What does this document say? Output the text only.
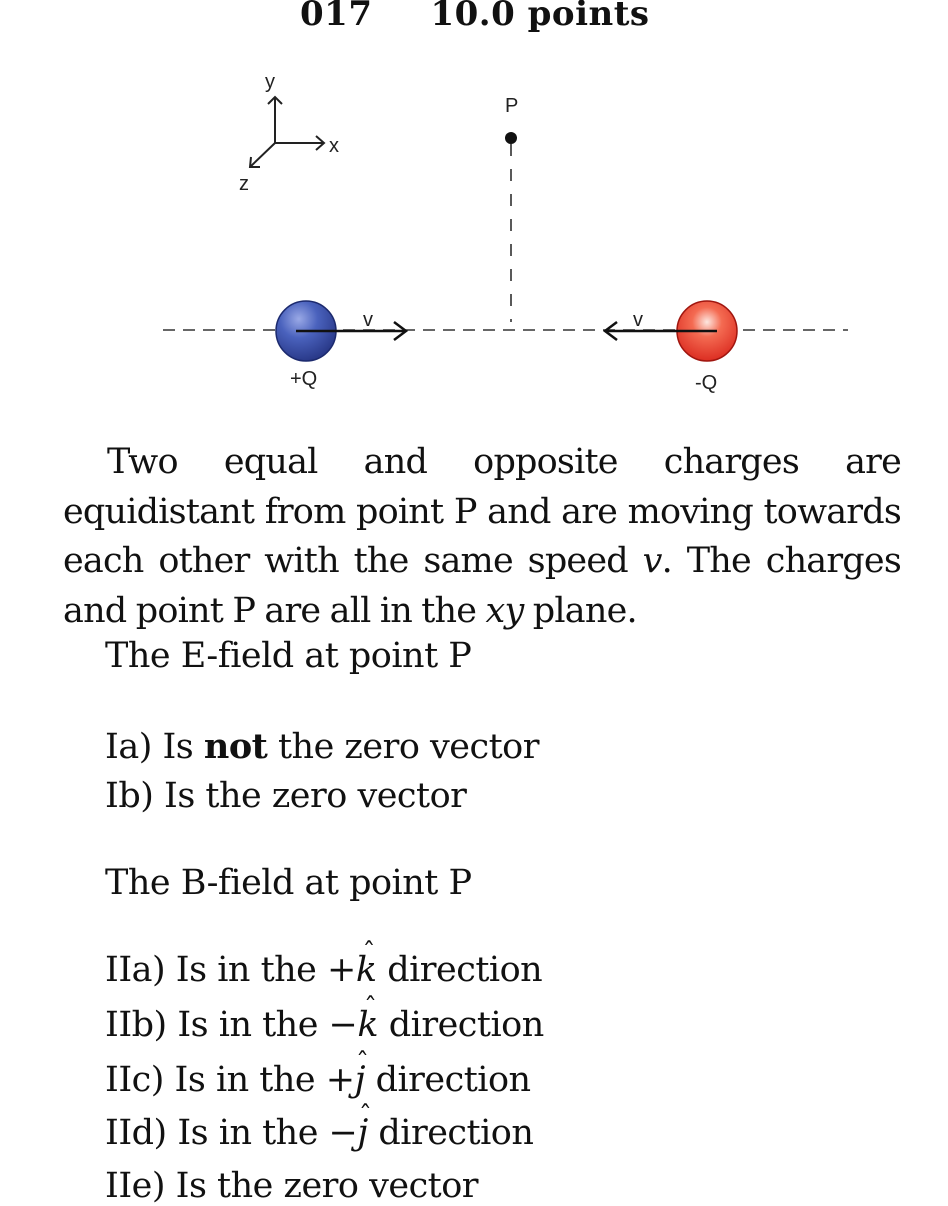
017 10.0 points
y
x
z
P
v
+Q
v
-Q
Two equal and opposite charges are equidistant from point P and are moving towards each other with the same speed v. The charges and point P are all in the xy plane.
The E-field at point P
Ia) Is not the zero vector
Ib) Is the zero vector
The B-field at point P
IIa) Is in the +ˆ k direction
IIb) Is in the −ˆ k direction
IIc) Is in the +ˆ j direction
IId) Is in the −ˆ j direction
IIe) Is the zero vector
